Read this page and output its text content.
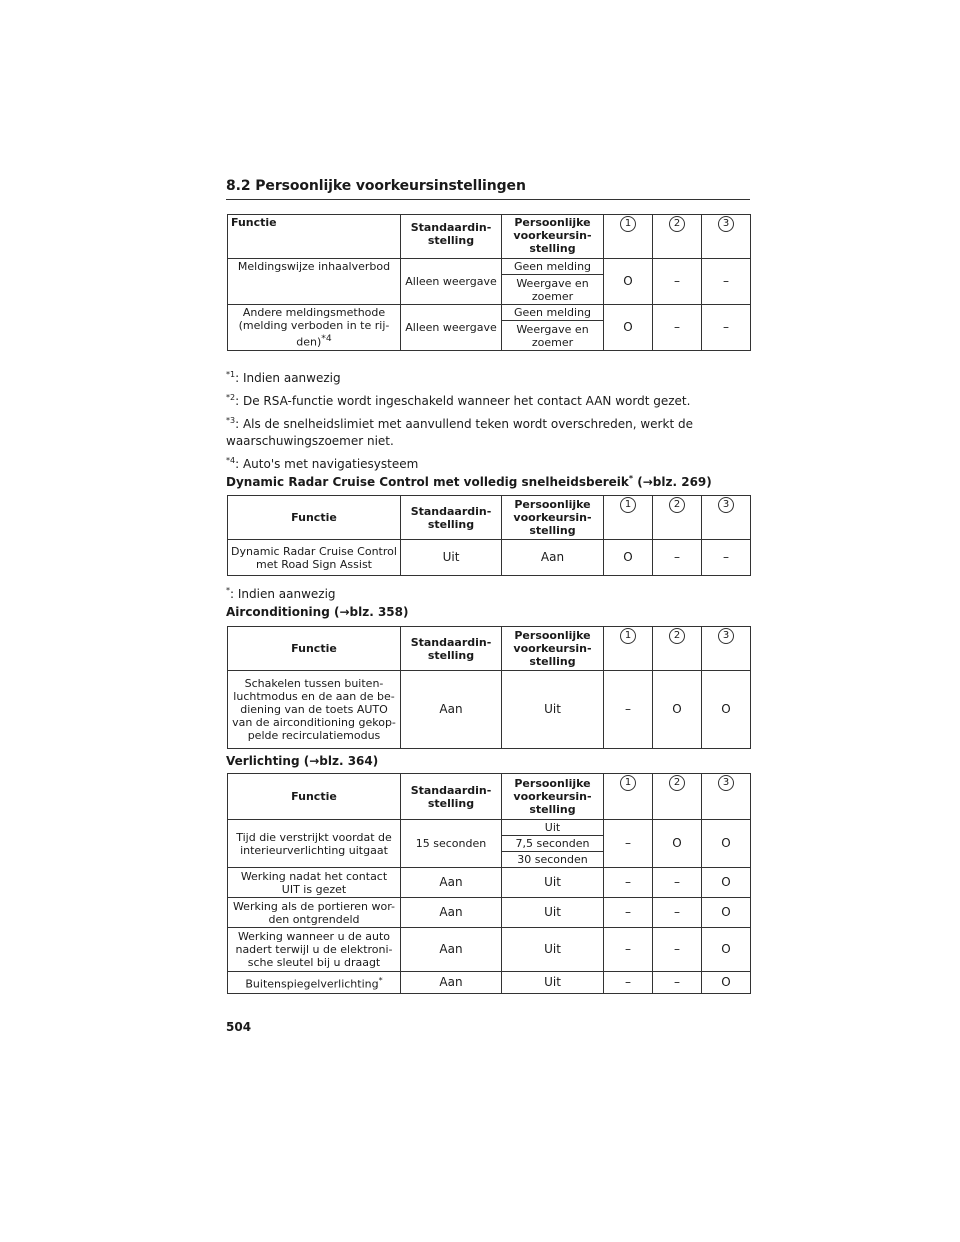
8.2 Persoonlijke voorkeursinstellingen
Functie	Standaardin-
stelling	Persoonlijke
voorkeursin-
stelling	1	2	3
Meldingswijze inhaalverbod	Alleen weergave	Geen melding	O	–	–
		Weergave en
zoemer			
Andere meldingsmethode
(melding verboden in te rij-
den)$^{*4}$	Alleen weergave	Geen melding	O	–	–
		Weergave en
zoemer			
$^{*1}$: Indien aanwezig
$^{*2}$: De RSA-functie wordt ingeschakeld wanneer het contact AAN wordt gezet.
$^{*3}$: Als de snelheidslimiet met aanvullend teken wordt overschreden, werkt de waarschuwingszoemer niet.
$^{*4}$: Auto's met navigatiesysteem
Dynamic Radar Cruise Control met volledig snelheidsbereik* (→blz. 269)
Functie	Standaardin-
stelling	Persoonlijke
voorkeursin-
stelling	1	2	3
Dynamic Radar Cruise Control
met Road Sign Assist	Uit	Aan	O	–	–
*: Indien aanwezig
Airconditioning (→blz. 358)
Functie	Standaardin-
stelling	Persoonlijke
voorkeursin-
stelling	1	2	3
Schakelen tussen buiten-
luchtmodus en de aan de be-
diening van de toets AUTO
van de airconditioning gekop-
pelde recirculatiemodus	Aan	Uit	–	O	O
Verlichting (→blz. 364)
Functie	Standaardin-
stelling	Persoonlijke
voorkeursin-
stelling	1	2	3
Tijd die verstrijkt voordat de
interieurverlichting uitgaat	15 seconden	Uit	–	O	O
		7,5 seconden			
		30 seconden			
Werking nadat het contact
UIT is gezet	Aan	Uit	–	–	O
Werking als de portieren wor-
den ontgrendeld	Aan	Uit	–	–	O
Werking wanneer u de auto
nadert terwijl u de elektroni-
sche sleutel bij u draagt	Aan	Uit	–	–	O
Buitenspiegelverlichting*	Aan	Uit	–	–	O
504
